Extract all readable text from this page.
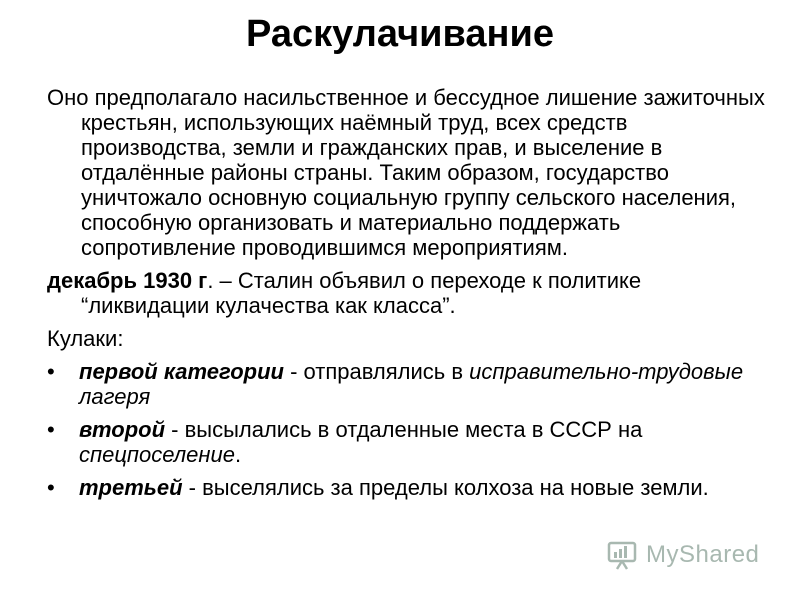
Раскулачивание

Оно предполагало насильственное и бессудное лишение зажиточных крестьян, использующих наёмный труд, всех средств производства, земли и гражданских прав, и выселение в отдалённые районы страны. Таким образом, государство уничтожало основную социальную группу сельского населения, способную организовать и материально поддержать сопротивление проводившимся мероприятиям.

декабрь 1930 г. – Сталин объявил о переходе к политике “ликвидации кулачества как класса”.

Кулаки:
•	первой категории - отправлялись в исправительно-трудовые лагеря
•	второй - высылались в отдаленные места в СССР на спецпоселение.
•	третьей - выселялись за пределы колхоза на новые земли.
MyShared
